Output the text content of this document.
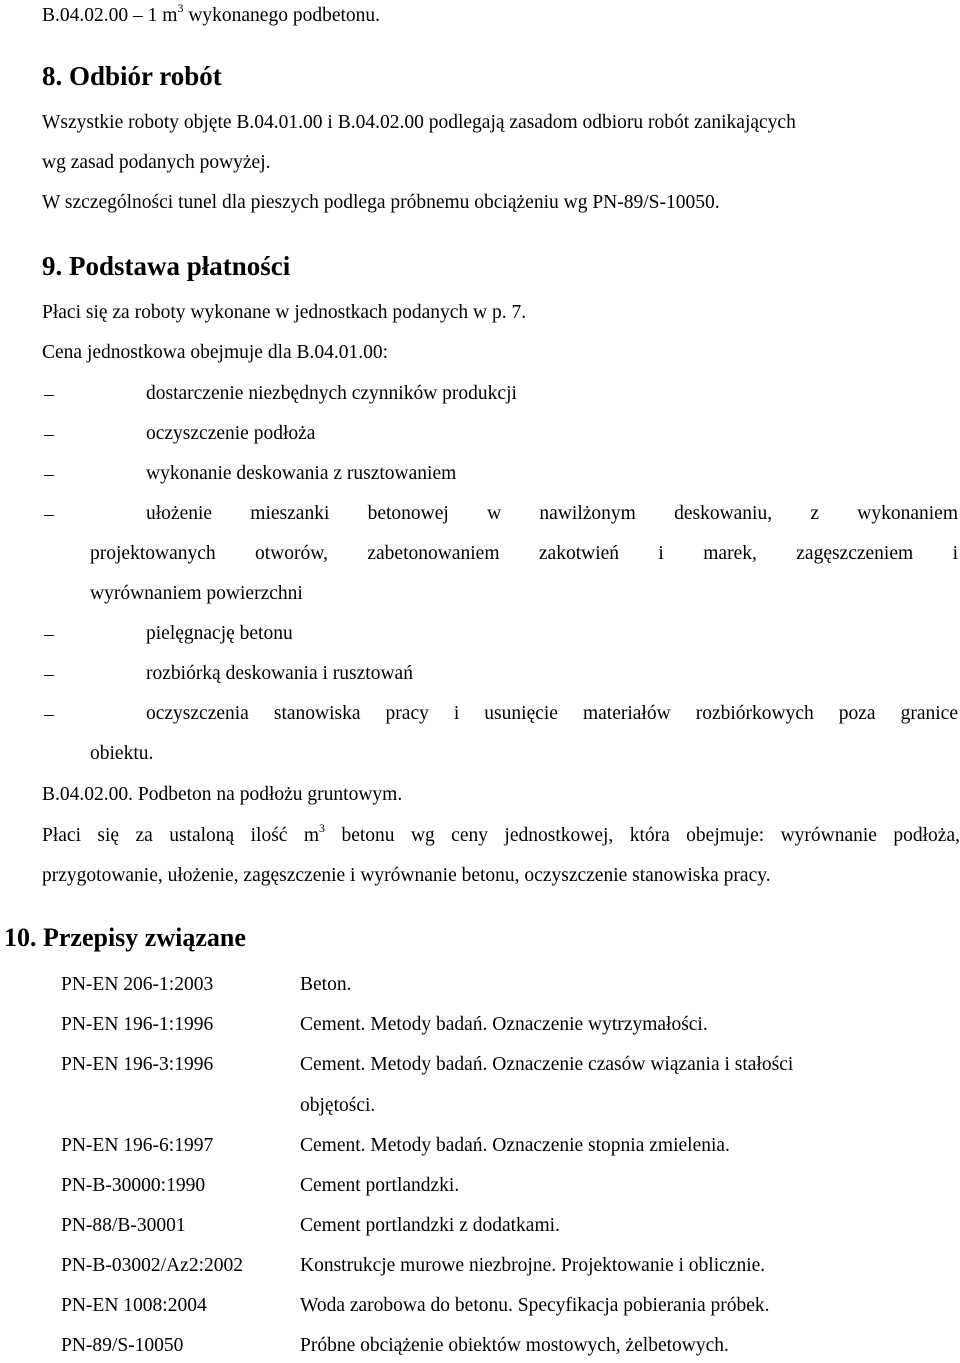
B.04.02.00 – 1 $m^3$ wykonanego podbetonu.
8. Odbiór robót
Wszystkie roboty objęte B.04.01.00 i B.04.02.00 podlegają zasadom odbioru robót zanikających
wg zasad podanych powyżej.
W szczególności tunel dla pieszych podlega próbnemu obciążeniu wg PN-89/S-10050.
9. Podstawa płatności
Płaci się za roboty wykonane w jednostkach podanych w p. 7.
Cena jednostkowa obejmuje dla B.04.01.00:
–	dostarczenie niezbędnych czynników produkcji
–	oczyszczenie podłoża
–	wykonanie deskowania z rusztowaniem
–	ułożenie mieszanki betonowej w nawilżonym deskowaniu, z wykonaniem
projektowanych otworów, zabetonowaniem zakotwień i marek, zagęszczeniem i
wyrównaniem powierzchni
–	pielęgnację betonu
–	rozbiórką deskowania i rusztowań
–	oczyszczenia stanowiska pracy i usunięcie materiałów rozbiórkowych poza granice
obiektu.
B.04.02.00. Podbeton na podłożu gruntowym.
Płaci się za ustaloną ilość $m^3$ betonu wg ceny jednostkowej, która obejmuje: wyrównanie podłoża,
przygotowanie, ułożenie, zagęszczenie i wyrównanie betonu, oczyszczenie stanowiska pracy.
10. Przepisy związane
PN-EN 206-1:2003	Beton.
PN-EN 196-1:1996	Cement. Metody badań. Oznaczenie wytrzymałości.
PN-EN 196-3:1996	Cement. Metody badań. Oznaczenie czasów wiązania i stałości
objętości.
PN-EN 196-6:1997	Cement. Metody badań. Oznaczenie stopnia zmielenia.
PN-B-30000:1990	Cement portlandzki.
PN-88/B-30001	Cement portlandzki z dodatkami.
PN-B-03002/Az2:2002	Konstrukcje murowe niezbrojne. Projektowanie i oblicznie.
PN-EN 1008:2004	Woda zarobowa do betonu. Specyfikacja pobierania próbek.
PN-89/S-10050	Próbne obciążenie obiektów mostowych, żelbetowych.
